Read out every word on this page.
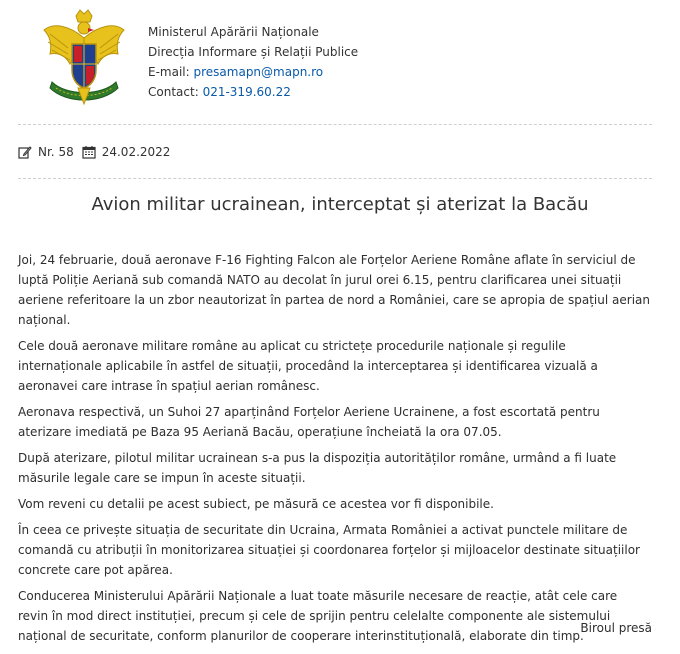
Ministerul Apărării Naționale
Direcția Informare și Relații Publice
E-mail: presamapn@mapn.ro
Contact: 021-319.60.22
Nr. 58 24.02.2022
Avion militar ucrainean, interceptat și aterizat la Bacău

Joi, 24 februarie, două aeronave F-16 Fighting Falcon ale Forțelor Aeriene Române aflate în serviciul de luptă Poliție Aeriană sub comandă NATO au decolat în jurul orei 6.15, pentru clarificarea unei situații aeriene referitoare la un zbor neautorizat în partea de nord a României, care se apropia de spațiul aerian național.

Cele două aeronave militare române au aplicat cu strictețe procedurile naționale și regulile internaționale aplicabile în astfel de situații, procedând la interceptarea și identificarea vizuală a aeronavei care intrase în spațiul aerian românesc.

Aeronava respectivă, un Suhoi 27 aparținând Forțelor Aeriene Ucrainene, a fost escortată pentru aterizare imediată pe Baza 95 Aeriană Bacău, operațiune încheiată la ora 07.05.

După aterizare, pilotul militar ucrainean s-a pus la dispoziția autorităților române, urmând a fi luate măsurile legale care se impun în aceste situații.

Vom reveni cu detalii pe acest subiect, pe măsură ce acestea vor fi disponibile.

În ceea ce privește situația de securitate din Ucraina, Armata României a activat punctele militare de comandă cu atribuții în monitorizarea situației și coordonarea forțelor și mijloacelor destinate situațiilor concrete care pot apărea.

Conducerea Ministerului Apărării Naționale a luat toate măsurile necesare de reacție, atât cele care revin în mod direct instituției, precum și cele de sprijin pentru celelalte componente ale sistemului național de securitate, conform planurilor de cooperare interinstituțională, elaborate din timp.

Biroul presă
